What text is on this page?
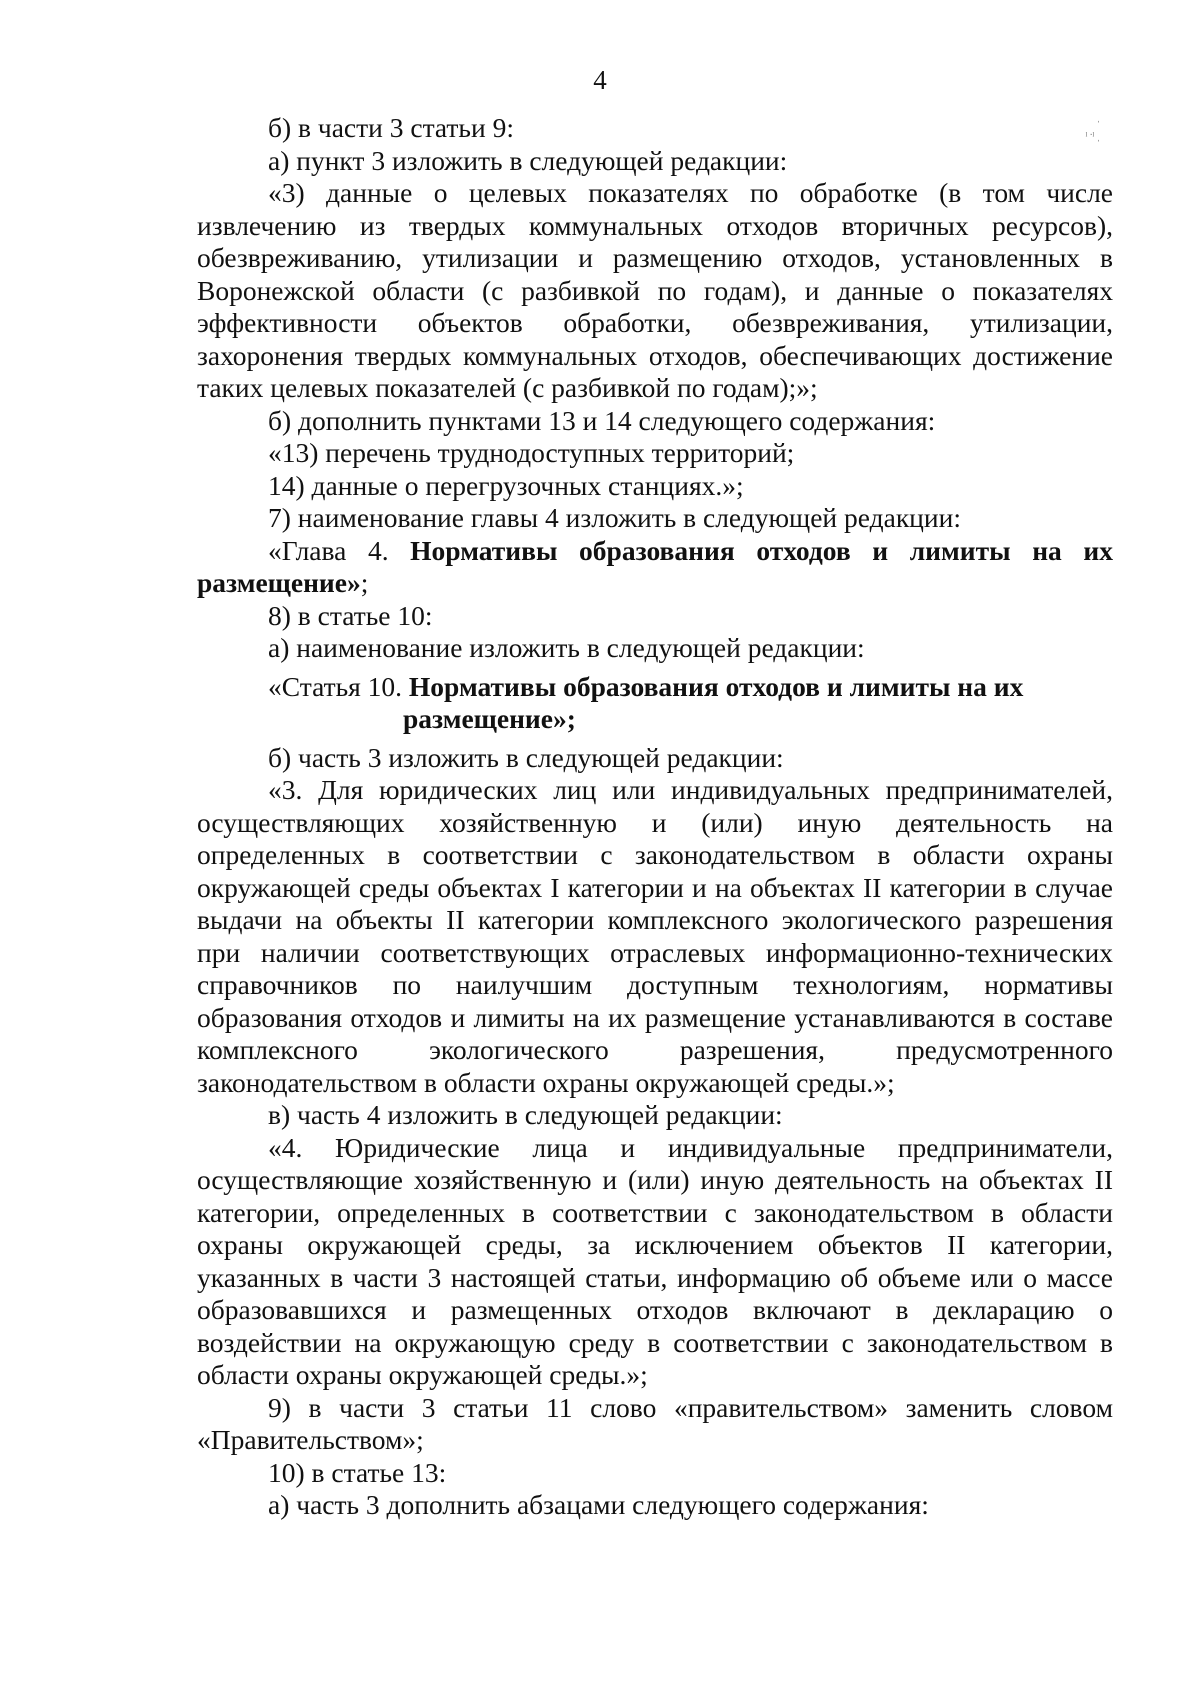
4
ˈ
ˡ ˑˡ ˌ

б) в части 3 статьи 9:

а) пункт 3 изложить в следующей редакции:

«3) данные о целевых показателях по обработке (в том числе извлечению из твердых коммунальных отходов вторичных ресурсов), обезвреживанию, утилизации и размещению отходов, установленных в Воронежской области (с разбивкой по годам), и данные о показателях эффективности объектов обработки, обезвреживания, утилизации, захоронения твердых коммунальных отходов, обеспечивающих достижение таких целевых показателей (с разбивкой по годам);»;

б) дополнить пунктами 13 и 14 следующего содержания:

«13) перечень труднодоступных территорий;

14) данные о перегрузочных станциях.»;

7) наименование главы 4 изложить в следующей редакции:

«Глава 4. Нормативы образования отходов и лимиты на их размещение»;

8) в статье 10:

а) наименование изложить в следующей редакции:

«Статья 10. Нормативы образования отходов и лимиты на их
размещение»;

б) часть 3 изложить в следующей редакции:

«3. Для юридических лиц или индивидуальных предпринимателей, осуществляющих хозяйственную и (или) иную деятельность на определенных в соответствии с законодательством в области охраны окружающей среды объектах I категории и на объектах II категории в случае выдачи на объекты II категории комплексного экологического разрешения при наличии соответствующих отраслевых информационно-технических справочников по наилучшим доступным технологиям, нормативы образования отходов и лимиты на их размещение устанавливаются в составе комплексного экологического разрешения, предусмотренного законодательством в области охраны окружающей среды.»;

в) часть 4 изложить в следующей редакции:

«4. Юридические лица и индивидуальные предприниматели, осуществляющие хозяйственную и (или) иную деятельность на объектах II категории, определенных в соответствии с законодательством в области охраны окружающей среды, за исключением объектов II категории, указанных в части 3 настоящей статьи, информацию об объеме или о массе образовавшихся и размещенных отходов включают в декларацию о воздействии на окружающую среду в соответствии с законодательством в области охраны окружающей среды.»;

9) в части 3 статьи 11 слово «правительством» заменить словом «Правительством»;

10) в статье 13:

а) часть 3 дополнить абзацами следующего содержания:
